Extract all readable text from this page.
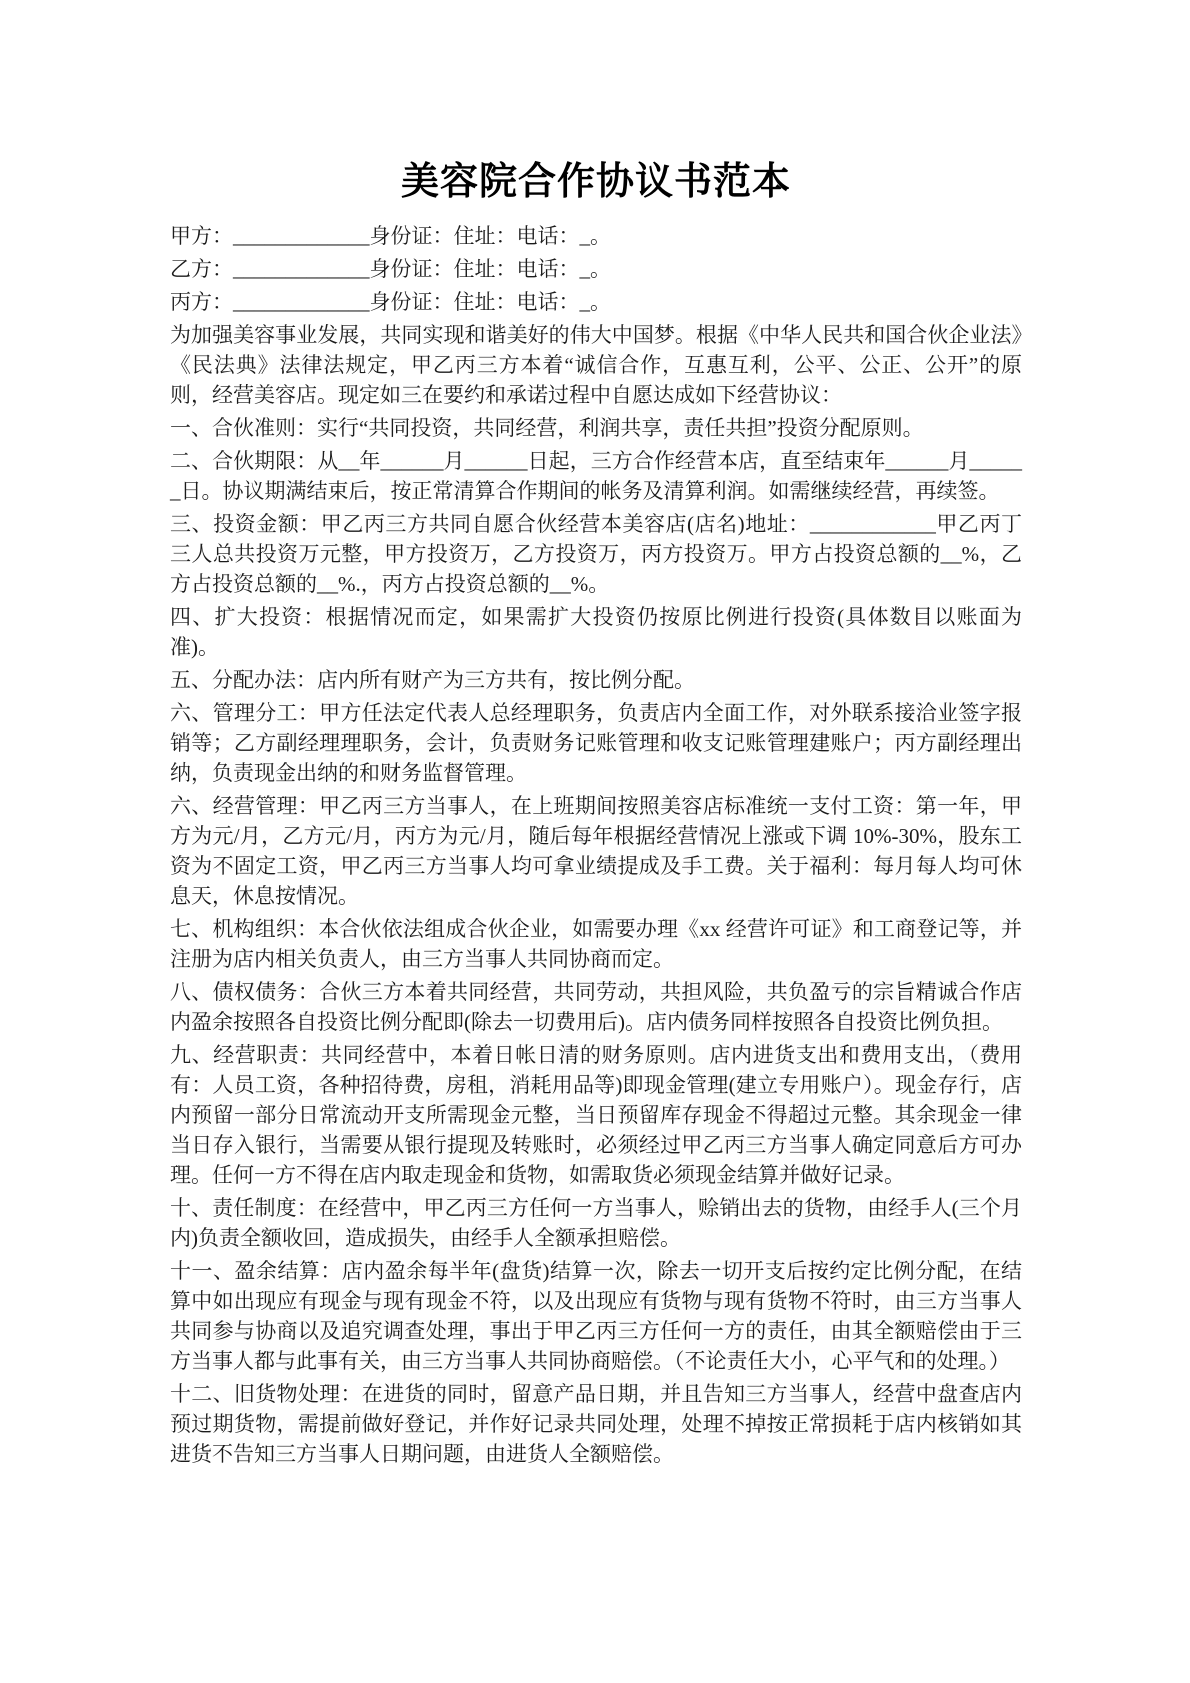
美容院合作协议书范本

甲方：_____________身份证：住址：电话：_。

乙方：_____________身份证：住址：电话：_。

丙方：_____________身份证：住址：电话：_。

为加强美容事业发展，共同实现和谐美好的伟大中国梦。根据《中华人民共和国合伙企业法》《民法典》法律法规定，甲乙丙三方本着“诚信合作，互惠互利，公平、公正、公开”的原则，经营美容店。现定如三在要约和承诺过程中自愿达成如下经营协议：

一、合伙准则：实行“共同投资，共同经营，利润共享，责任共担”投资分配原则。

二、合伙期限：从__年______月______日起，三方合作经营本店，直至结束年______月______日。协议期满结束后，按正常清算合作期间的帐务及清算利润。如需继续经营，再续签。

三、投资金额：甲乙丙三方共同自愿合伙经营本美容店(店名)地址：____________甲乙丙丁三人总共投资万元整，甲方投资万，乙方投资万，丙方投资万。甲方占投资总额的__%，乙方占投资总额的__%.，丙方占投资总额的__%。

四、扩大投资：根据情况而定，如果需扩大投资仍按原比例进行投资(具体数目以账面为准)。

五、分配办法：店内所有财产为三方共有，按比例分配。

六、管理分工：甲方任法定代表人总经理职务，负责店内全面工作，对外联系接洽业签字报销等；乙方副经理理职务，会计，负责财务记账管理和收支记账管理建账户；丙方副经理出纳，负责现金出纳的和财务监督管理。

六、经营管理：甲乙丙三方当事人，在上班期间按照美容店标准统一支付工资：第一年，甲方为元/月，乙方元/月，丙方为元/月，随后每年根据经营情况上涨或下调 10%-30%，股东工资为不固定工资，甲乙丙三方当事人均可拿业绩提成及手工费。关于福利：每月每人均可休息天，休息按情况。

七、机构组织：本合伙依法组成合伙企业，如需要办理《xx 经营许可证》和工商登记等，并注册为店内相关负责人，由三方当事人共同协商而定。

八、债权债务：合伙三方本着共同经营，共同劳动，共担风险，共负盈亏的宗旨精诚合作店内盈余按照各自投资比例分配即(除去一切费用后)。店内债务同样按照各自投资比例负担。

九、经营职责：共同经营中，本着日帐日清的财务原则。店内进货支出和费用支出，（费用有：人员工资，各种招待费，房租，消耗用品等)即现金管理(建立专用账户）。现金存行，店内预留一部分日常流动开支所需现金元整，当日预留库存现金不得超过元整。其余现金一律当日存入银行，当需要从银行提现及转账时，必须经过甲乙丙三方当事人确定同意后方可办理。任何一方不得在店内取走现金和货物，如需取货必须现金结算并做好记录。

十、责任制度：在经营中，甲乙丙三方任何一方当事人，赊销出去的货物，由经手人(三个月内)负责全额收回，造成损失，由经手人全额承担赔偿。

十一、盈余结算：店内盈余每半年(盘货)结算一次，除去一切开支后按约定比例分配，在结算中如出现应有现金与现有现金不符，以及出现应有货物与现有货物不符时，由三方当事人共同参与协商以及追究调查处理，事出于甲乙丙三方任何一方的责任，由其全额赔偿由于三方当事人都与此事有关，由三方当事人共同协商赔偿。（不论责任大小，心平气和的处理。）

十二、旧货物处理：在进货的同时，留意产品日期，并且告知三方当事人，经营中盘查店内预过期货物，需提前做好登记，并作好记录共同处理，处理不掉按正常损耗于店内核销如其进货不告知三方当事人日期问题，由进货人全额赔偿。
